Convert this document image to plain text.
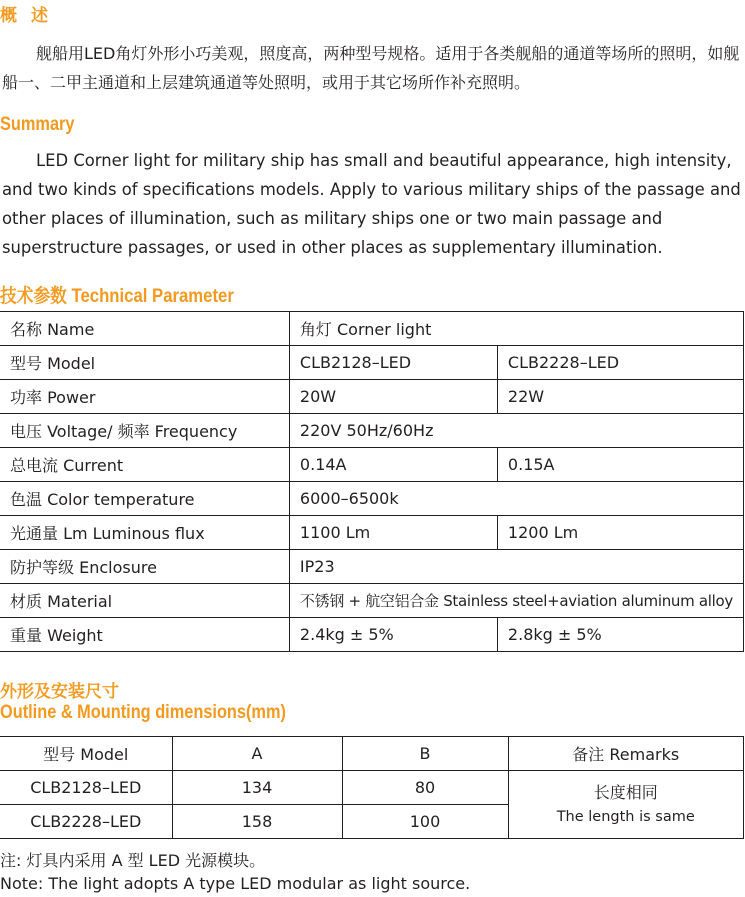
概述
舰船用LED角灯外形小巧美观，照度高，两种型号规格。适用于各类舰船的通道等场所的照明，如舰船一、二甲主通道和上层建筑通道等处照明，或用于其它场所作补充照明。
Summary
LED Corner light for military ship has small and beautiful appearance, high intensity, and two kinds of specifications models. Apply to various military ships of the passage and other places of illumination, such as military ships one or two main passage and superstructure passages, or used in other places as supplementary illumination.
技术参数 Technical Parameter
名称 Name	角灯 Corner light	
型号 Model	CLB2128–LED	CLB2228–LED
功率 Power	20W	22W
电压 Voltage/ 频率 Frequency	220V 50Hz/60Hz	
总电流 Current	0.14A	0.15A
色温 Color temperature	6000–6500k	
光通量 Lm Luminous flux	1100 Lm	1200 Lm
防护等级 Enclosure	IP23	
材质 Material	不锈钢 + 航空铝合金 Stainless steel+aviation aluminum alloy	
重量 Weight	2.4kg ± 5%	2.8kg ± 5%
外形及安装尺寸
Outline & Mounting dimensions(mm)
型号 Model	A	B	备注 Remarks
CLB2128–LED	134	80	长度相同
The length is same

CLB2228–LED	158	100	
注: 灯具内采用 A 型 LED 光源模块。
Note: The light adopts A type LED modular as light source.
